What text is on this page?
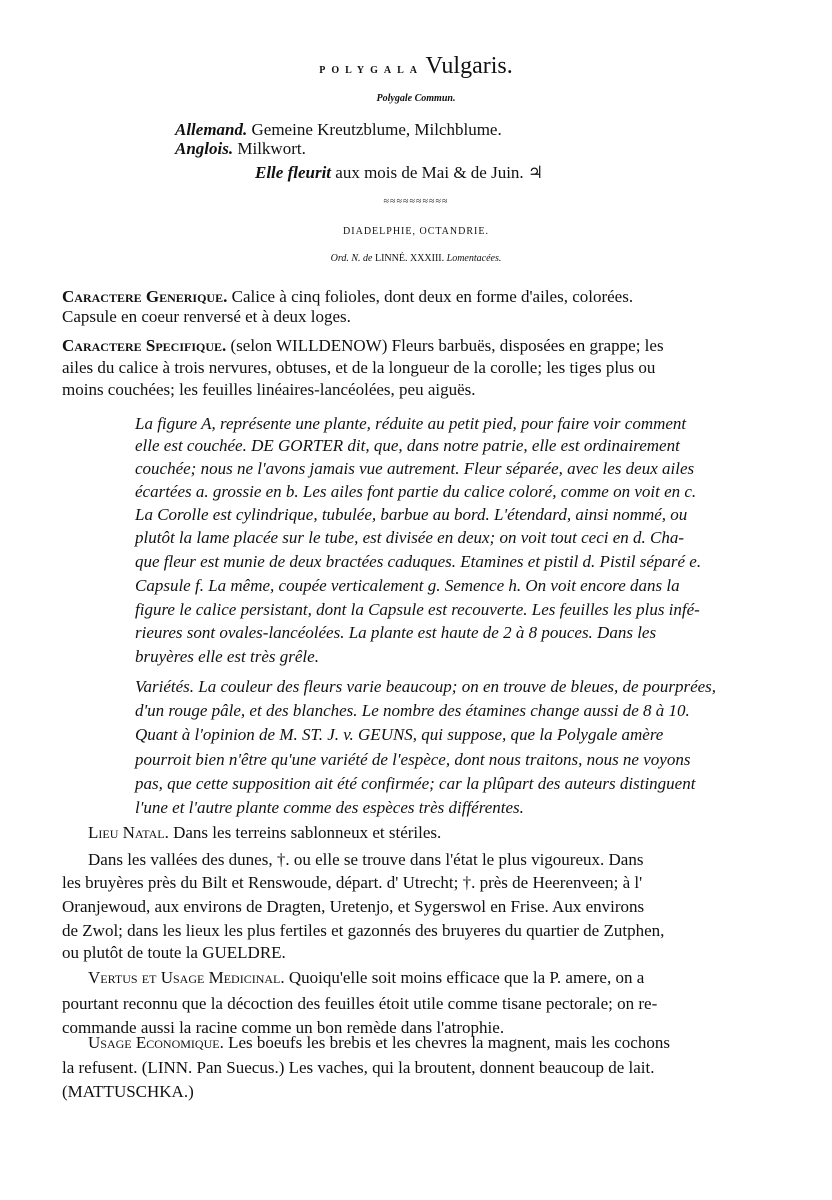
POLYGALA Vulgaris.
Polygale Commun.
Allemand. Gemeine Kreutzblume, Milchblume.
Anglois. Milkwort.
Elle fleurit aux mois de Mai & de Juin. ♃
≈≈≈≈≈≈≈≈≈≈
DIADELPHIE, OCTANDRIE.
Ord. N. de LINNÉ. XXXIII. Lomentacées.
Caractere Generique. Calice à cinq folioles, dont deux en forme d'ailes, colorées.
Capsule en coeur renversé et à deux loges.
Caractere Specifique. (selon WILLDENOW) Fleurs barbuës, disposées en grappe; les
ailes du calice à trois nervures, obtuses, et de la longueur de la corolle; les tiges plus ou
moins couchées; les feuilles linéaires-lancéolées, peu aiguës.
La figure A, représente une plante, réduite au petit pied, pour faire voir comment
elle est couchée. DE GORTER dit, que, dans notre patrie, elle est ordinairement
couchée; nous ne l'avons jamais vue autrement. Fleur séparée, avec les deux ailes
écartées a. grossie en b. Les ailes font partie du calice coloré, comme on voit en c.
La Corolle est cylindrique, tubulée, barbue au bord. L'étendard, ainsi nommé, ou
plutôt la lame placée sur le tube, est divisée en deux; on voit tout ceci en d. Cha-
que fleur est munie de deux bractées caduques. Etamines et pistil d. Pistil séparé e.
Capsule f. La même, coupée verticalement g. Semence h. On voit encore dans la
figure le calice persistant, dont la Capsule est recouverte. Les feuilles les plus infé-
rieures sont ovales-lancéolées. La plante est haute de 2 à 8 pouces. Dans les
bruyères elle est très grêle.
Variétés. La couleur des fleurs varie beaucoup; on en trouve de bleues, de pourprées,
d'un rouge pâle, et des blanches. Le nombre des étamines change aussi de 8 à 10.
Quant à l'opinion de M. ST. J. v. GEUNS, qui suppose, que la Polygale amère
pourroit bien n'être qu'une variété de l'espèce, dont nous traitons, nous ne voyons
pas, que cette supposition ait été confirmée; car la plûpart des auteurs distinguent
l'une et l'autre plante comme des espèces très différentes.
Lieu Natal. Dans les terreins sablonneux et stériles.
Dans les vallées des dunes, †. ou elle se trouve dans l'état le plus vigoureux. Dans
les bruyères près du Bilt et Renswoude, départ. d' Utrecht; †. près de Heerenveen; à l'
Oranjewoud, aux environs de Dragten, Uretenjo, et Sygerswol en Frise. Aux environs
de Zwol; dans les lieux les plus fertiles et gazonnés des bruyeres du quartier de Zutphen,
ou plutôt de toute la GUELDRE.
Vertus et Usage Medicinal. Quoiqu'elle soit moins efficace que la P. amere, on a
pourtant reconnu que la décoction des feuilles étoit utile comme tisane pectorale; on re-
commande aussi la racine comme un bon remède dans l'atrophie.
Usage Economique. Les boeufs les brebis et les chevres la magnent, mais les cochons
la refusent. (LINN. Pan Suecus.) Les vaches, qui la broutent, donnent beaucoup de lait.
(MATTUSCHKA.)
